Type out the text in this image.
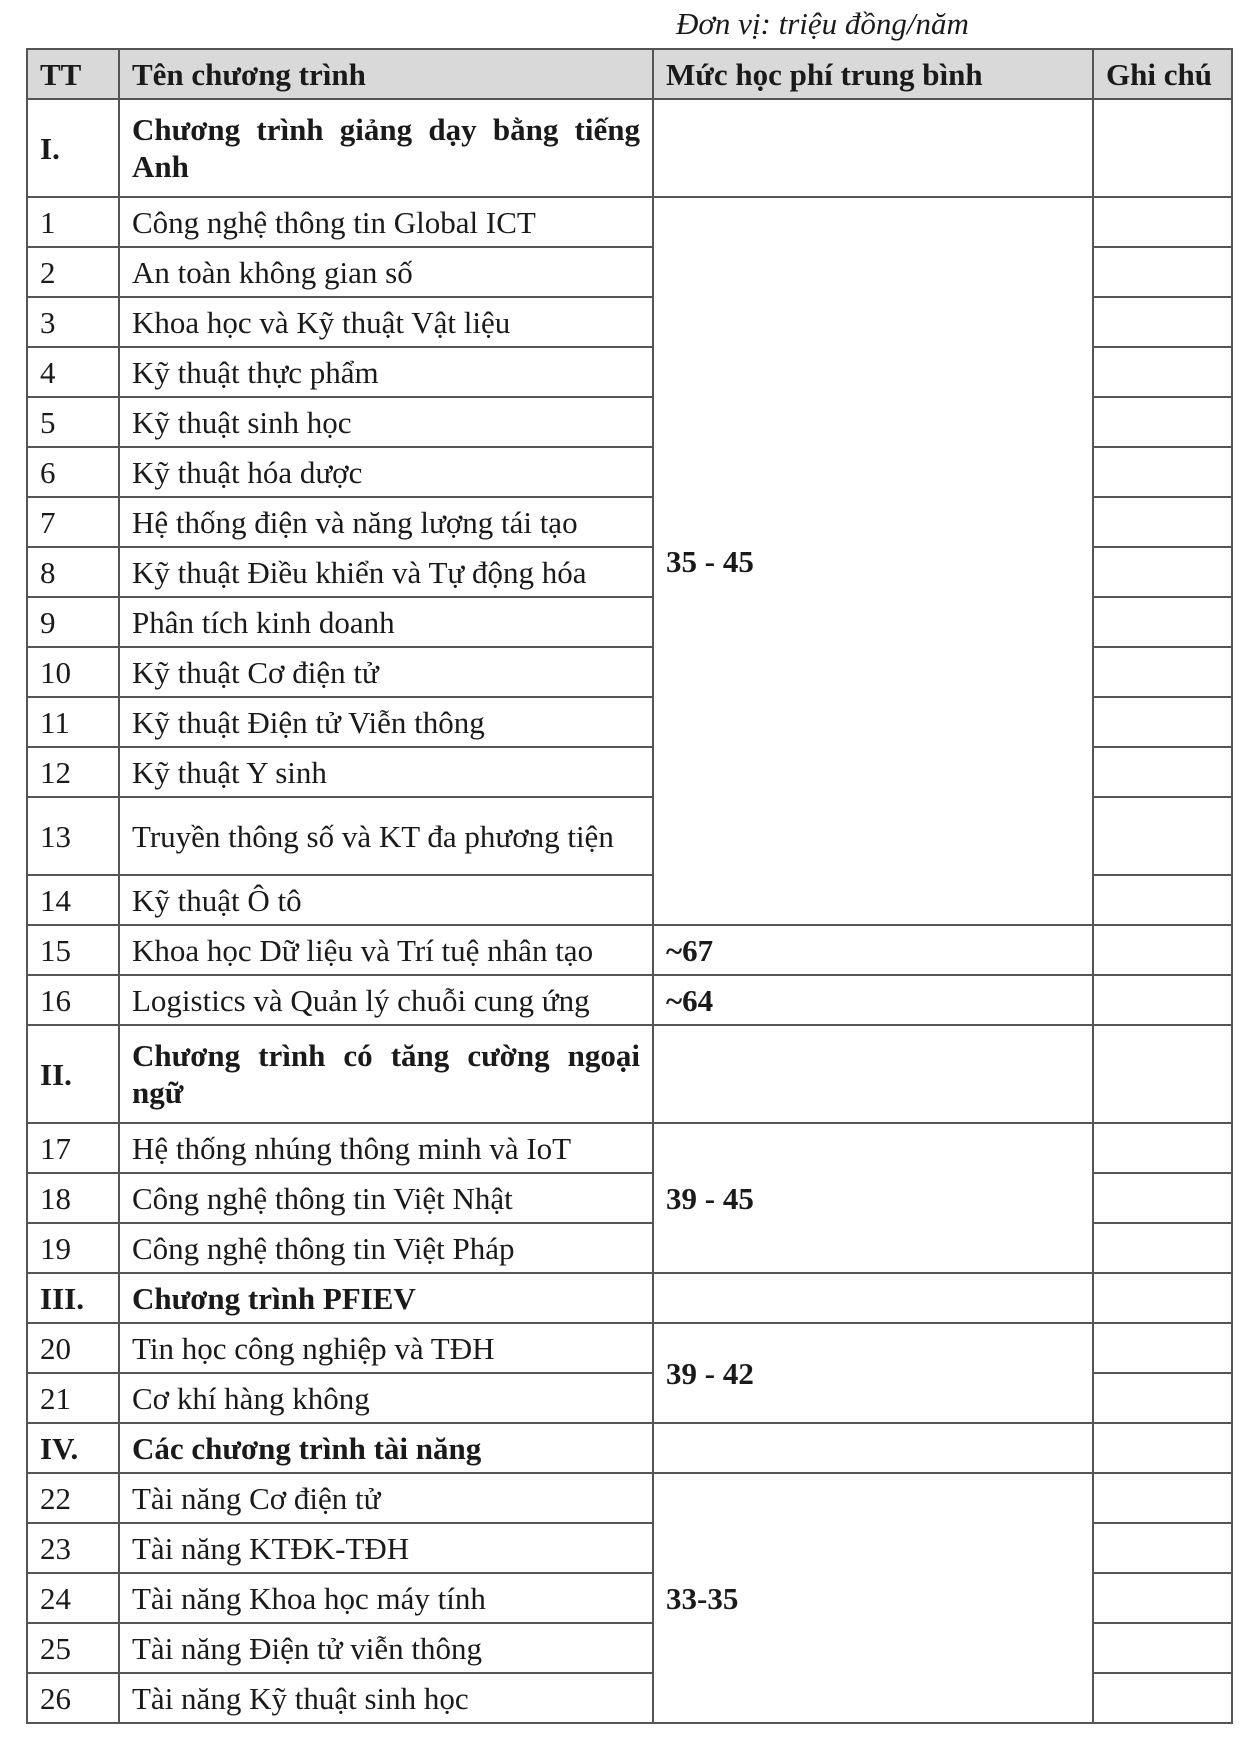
Đơn vị: triệu đồng/năm
TT	Tên chương trình	Mức học phí trung bình	Ghi chú
I.	Chương trình giảng dạy bằng tiếng Anh		
1	Công nghệ thông tin Global ICT	35 - 45	
2	An toàn không gian số		
3	Khoa học và Kỹ thuật Vật liệu		
4	Kỹ thuật thực phẩm		
5	Kỹ thuật sinh học		
6	Kỹ thuật hóa dược		
7	Hệ thống điện và năng lượng tái tạo		
8	Kỹ thuật Điều khiển và Tự động hóa		
9	Phân tích kinh doanh		
10	Kỹ thuật Cơ điện tử		
11	Kỹ thuật Điện tử Viễn thông		
12	Kỹ thuật Y sinh		
13	Truyền thông số và KT đa phương tiện		
14	Kỹ thuật Ô tô		
15	Khoa học Dữ liệu và Trí tuệ nhân tạo	~67	
16	Logistics và Quản lý chuỗi cung ứng	~64	
II.	Chương trình có tăng cường ngoại ngữ		
17	Hệ thống nhúng thông minh và IoT	39 - 45	
18	Công nghệ thông tin Việt Nhật		
19	Công nghệ thông tin Việt Pháp		
III.	Chương trình PFIEV		
20	Tin học công nghiệp và TĐH	39 - 42	
21	Cơ khí hàng không		
IV.	Các chương trình tài năng		
22	Tài năng Cơ điện tử	33-35	
23	Tài năng KTĐK-TĐH		
24	Tài năng Khoa học máy tính		
25	Tài năng Điện tử viễn thông		
26	Tài năng Kỹ thuật sinh học		
